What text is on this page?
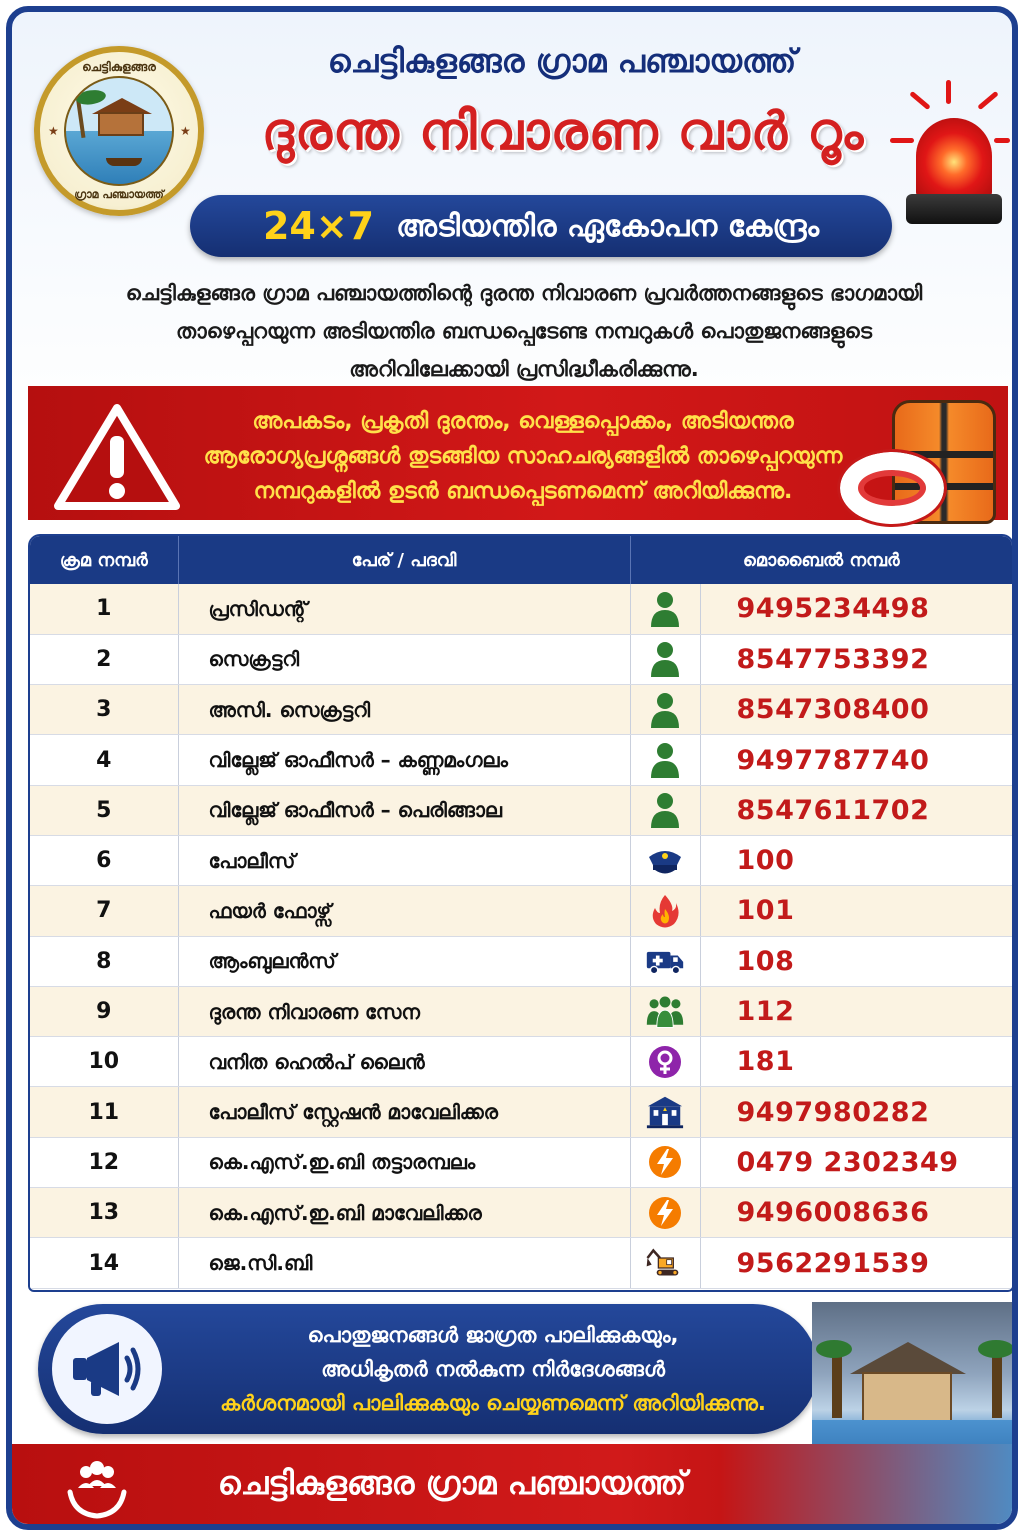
ചെട്ടികുളങ്ങര
★	★
ഗ്രാമ പഞ്ചായത്ത്
ചെട്ടികുളങ്ങര ഗ്രാമ പഞ്ചായത്ത്
ദുരന്ത നിവാരണ വാർ റൂം
24×7 അടിയന്തിര ഏകോപന കേന്ദ്രം
ചെട്ടികുളങ്ങര ഗ്രാമ പഞ്ചായത്തിന്റെ ദുരന്ത നിവാരണ പ്രവർത്തനങ്ങളുടെ ഭാഗമായി
താഴെപ്പറയുന്ന അടിയന്തിര ബന്ധപ്പെടേണ്ട നമ്പറുകൾ പൊതുജനങ്ങളുടെ
അറിവിലേക്കായി പ്രസിദ്ധീകരിക്കുന്നു.
അപകടം, പ്രകൃതി ദുരന്തം, വെള്ളപ്പൊക്കം, അടിയന്തര
ആരോഗ്യപ്രശ്നങ്ങൾ തുടങ്ങിയ സാഹചര്യങ്ങളിൽ താഴെപ്പറയുന്ന
നമ്പറുകളിൽ ഉടൻ ബന്ധപ്പെടണമെന്ന് അറിയിക്കുന്നു.
ക്രമ നമ്പർ	പേര് / പദവി	മൊബൈൽ നമ്പർ	
1	പ്രസിഡന്റ്		9495234498
2	സെക്രട്ടറി		8547753392
3	അസി. സെക്രട്ടറി		8547308400
4	വില്ലേജ് ഓഫീസർ – കണ്ണമംഗലം		9497787740
5	വില്ലേജ് ഓഫീസർ – പെരിങ്ങാല		8547611702
6	പോലീസ്		100
7	ഫയർ ഫോഴ്സ്		101
8	ആംബുലൻസ്		108
9	ദുരന്ത നിവാരണ സേന		112
10	വനിത ഹെൽപ് ലൈൻ		181
11	പോലീസ് സ്റ്റേഷൻ മാവേലിക്കര		9497980282
12	കെ.എസ്.ഇ.ബി തട്ടാരമ്പലം		0479 2302349
13	കെ.എസ്.ഇ.ബി മാവേലിക്കര		9496008636
14	ജെ.സി.ബി		9562291539
പൊതുജനങ്ങൾ ജാഗ്രത പാലിക്കുകയും,
അധികൃതർ നൽകുന്ന നിർദേശങ്ങൾ
കർശനമായി പാലിക്കുകയും ചെയ്യണമെന്ന് അറിയിക്കുന്നു.
ചെട്ടികുളങ്ങര ഗ്രാമ പഞ്ചായത്ത്
